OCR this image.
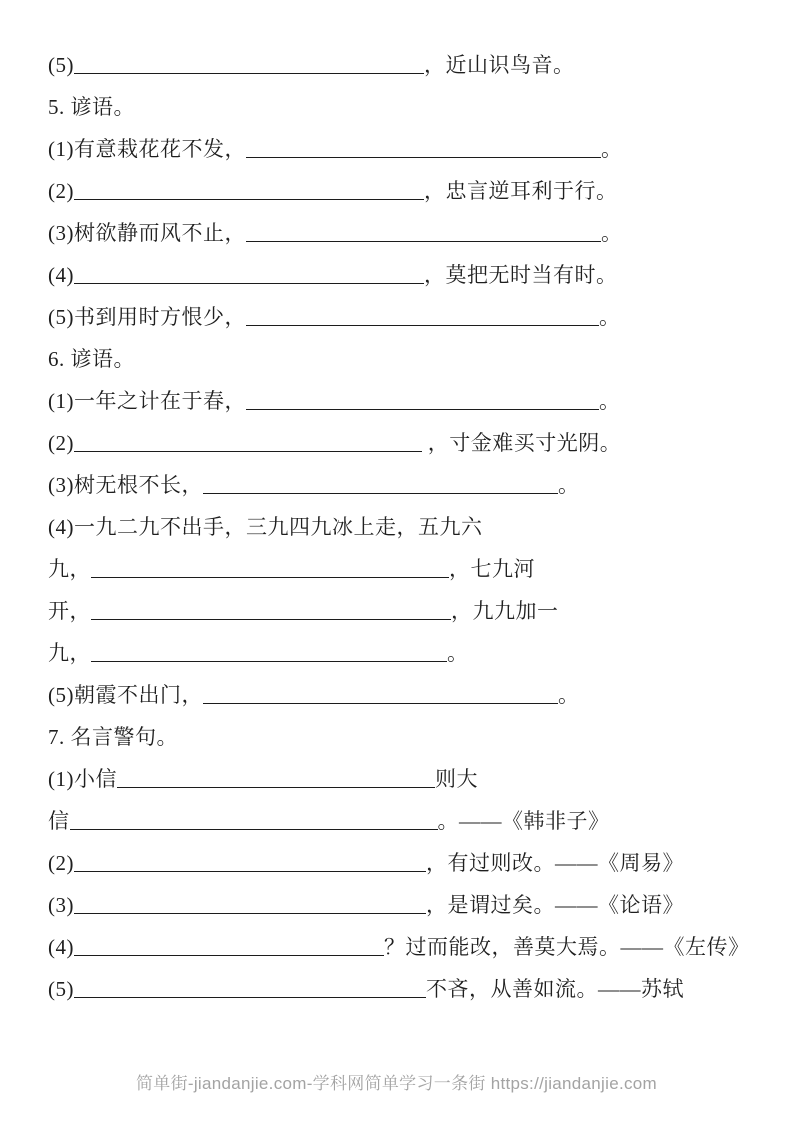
(5)	，近山识鸟音。
5. 谚语。
(1)有意栽花花不发，	。
(2)	，忠言逆耳利于行。
(3)树欲静而风不止，	。
(4)	，莫把无时当有时。
(5)书到用时方恨少，	。
6. 谚语。
(1)一年之计在于春，	。
(2)	，寸金难买寸光阴。
(3)树无根不长，	。
(4)一九二九不出手，三九四九冰上走，五九六
九，	，七九河
开，	，九九加一
九，	。
(5)朝霞不出门，	。
7. 名言警句。
(1)小信	则大
信	。——《韩非子》
(2)	，有过则改。——《周易》
(3)	，是谓过矣。——《论语》
(4)	？过而能改，善莫大焉。——《左传》
(5)	不吝，从善如流。——苏轼
简单街-jiandanjie.com-学科网简单学习一条街 https://jiandanjie.com
